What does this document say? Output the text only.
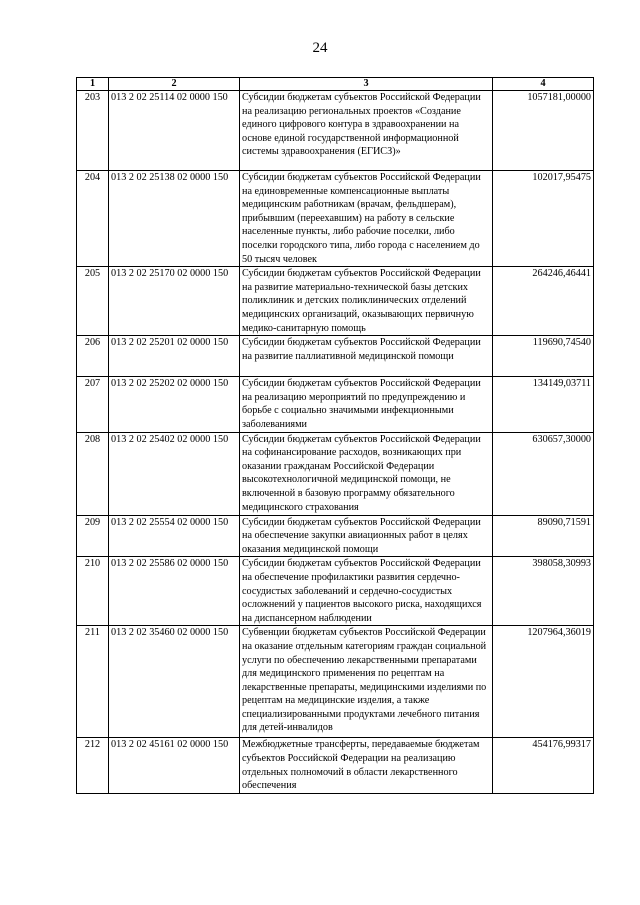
24
1	2	3	4
203	013 2 02 25114 02 0000 150	Субсидии бюджетам субъектов Российской Федерации на реализацию региональных проектов «Создание единого цифрового контура в здравоохранении на основе единой государственной информационной системы здравоохранения (ЕГИСЗ)»	1057181,00000
204	013 2 02 25138 02 0000 150	Субсидии бюджетам субъектов Российской Федерации на единовременные компенсационные выплаты медицинским работникам (врачам, фельдшерам), прибывшим (переехавшим) на работу в сельские населенные пункты, либо рабочие поселки, либо поселки городского типа, либо города с населением до 50 тысяч человек	102017,95475
205	013 2 02 25170 02 0000 150	Субсидии бюджетам субъектов Российской Федерации на развитие материально-технической базы детских поликлиник и детских поликлинических отделений медицинских организаций, оказывающих первичную медико-санитарную помощь	264246,46441
206	013 2 02 25201 02 0000 150	Субсидии бюджетам субъектов Российской Федерации на развитие паллиативной медицинской помощи	119690,74540
207	013 2 02 25202 02 0000 150	Субсидии бюджетам субъектов Российской Федерации на реализацию мероприятий по предупреждению и борьбе с социально значимыми инфекционными заболеваниями	134149,03711
208	013 2 02 25402 02 0000 150	Субсидии бюджетам субъектов Российской Федерации на софинансирование расходов, возникающих при оказании гражданам Российской Федерации высокотехнологичной медицинской помощи, не включенной в базовую программу обязательного медицинского страхования	630657,30000
209	013 2 02 25554 02 0000 150	Субсидии бюджетам субъектов Российской Федерации на обеспечение закупки авиационных работ в целях оказания медицинской помощи	89090,71591
210	013 2 02 25586 02 0000 150	Субсидии бюджетам субъектов Российской Федерации на обеспечение профилактики развития сердечно-сосудистых заболеваний и сердечно-сосудистых осложнений у пациентов высокого риска, находящихся на диспансерном наблюдении	398058,30993
211	013 2 02 35460 02 0000 150	Субвенции бюджетам субъектов Российской Федерации на оказание отдельным категориям граждан социальной услуги по обеспечению лекарственными препаратами для медицинского применения по рецептам на лекарственные препараты, медицинскими изделиями по рецептам на медицинские изделия, а также специализированными продуктами лечебного питания для детей-инвалидов	1207964,36019
212	013 2 02 45161 02 0000 150	Межбюджетные трансферты, передаваемые бюджетам субъектов Российской Федерации на реализацию отдельных полномочий в области лекарственного обеспечения	454176,99317
